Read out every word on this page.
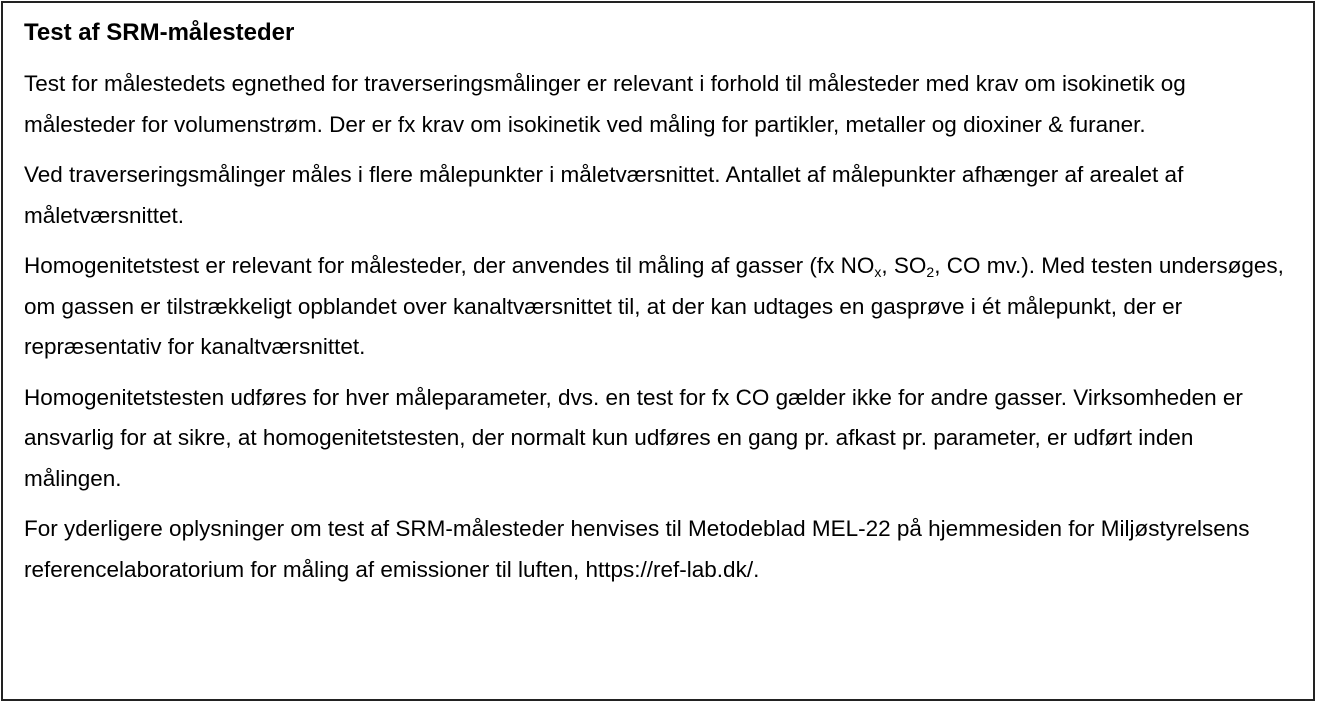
Test af SRM-målesteder
Test for målestedets egnethed for traverseringsmålinger er relevant i forhold til målesteder med krav om isokinetik og målesteder for volumenstrøm. Der er fx krav om isokinetik ved måling for partikler, metaller og dioxiner & furaner.
Ved traverseringsmålinger måles i flere målepunkter i måletværsnittet. Antallet af målepunkter afhænger af arealet af måletværsnittet.
Homogenitetstest er relevant for målesteder, der anvendes til måling af gasser (fx $NO_x$, $SO_2$, CO mv.). Med testen undersøges, om gassen er tilstrækkeligt opblandet over kanaltværsnittet til, at der kan udtages en gasprøve i ét målepunkt, der er repræsentativ for kanaltværsnittet.
Homogenitetstesten udføres for hver måleparameter, dvs. en test for fx CO gælder ikke for andre gasser. Virksomheden er ansvarlig for at sikre, at homogenitetstesten, der normalt kun udføres en gang pr. afkast pr. parameter, er udført inden målingen.
For yderligere oplysninger om test af SRM-målesteder henvises til Metodeblad MEL-22 på hjemmesiden for Miljøstyrelsens referencelaboratorium for måling af emissioner til luften, https://ref-lab.dk/.
